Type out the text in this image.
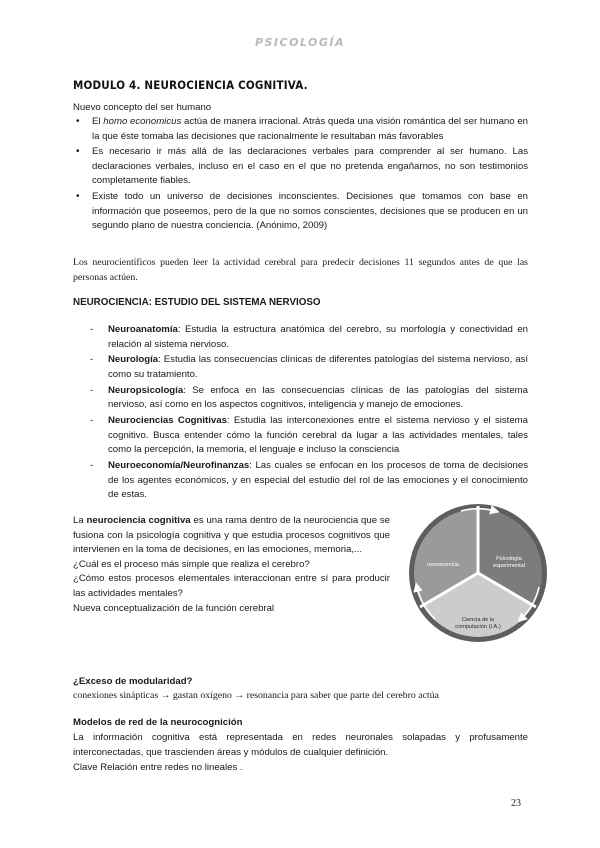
PSICOLOGÍA
MODULO 4. NEUROCIENCIA COGNITIVA.
Nuevo concepto del ser humano
• El homo economicus actúa de manera irracional. Atrás queda una visión romántica del ser humano en la que éste tomaba las decisiones que racionalmente le resultaban más favorables
• Es necesario ir más allá de las declaraciones verbales para comprender al ser humano. Las declaraciones verbales, incluso en el caso en el que no pretenda engañarnos, no son testimonios completamente fiables.
• Existe todo un universo de decisiones inconscientes. Decisiones que tomamos con base en información que poseemos, pero de la que no somos conscientes, decisiones que se producen en un segundo plano de nuestra conciencia. (Anónimo, 2009)
Los neurocientíficos pueden leer la actividad cerebral para predecir decisiones 11 segundos antes de que las personas actúen.
NEUROCIENCIA: ESTUDIO DEL SISTEMA NERVIOSO
- Neuroanatomía: Estudia la estructura anatómica del cerebro, su morfología y conectividad en relación al sistema nervioso.
- Neurología: Estudia las consecuencias clínicas de diferentes patologías del sistema nervioso, así como su tratamiento.
- Neuropsicología: Se enfoca en las consecuencias clínicas de las patologías del sistema nervioso, así como en los aspectos cognitivos, inteligencia y manejo de emociones.
- Neurociencias Cognitivas: Estudia las interconexiones entre el sistema nervioso y el sistema cognitivo. Busca entender cómo la función cerebral da lugar a las actividades mentales, tales como la percepción, la memoria, el lenguaje e incluso la consciencia
- Neuroeconomía/Neurofinanzas: Las cuales se enfocan en los procesos de toma de decisiones de los agentes económicos, y en especial del estudio del rol de las emociones y el conocimiento de estas.
La neurociencia cognitiva es una rama dentro de la neurociencia que se fusiona con la psicología cognitiva y que estudia procesos cognitivos que intervienen en la toma de decisiones, en las emociones, memoria,...
¿Cuál es el proceso más simple que realiza el cerebro?
¿Cómo estos procesos elementales interaccionan entre sí para producir las actividades mentales?
Nueva conceptualización de la función cerebral
neurociencia
Psicología experimental
Ciencia de la computación (I.A.)
¿Exceso de modularidad?
conexiones sinápticas → gastan oxígeno → resonancia para saber que parte del cerebro actúa
Modelos de red de la neurocognición
La información cognitiva está representada en redes neuronales solapadas y profusamente interconectadas, que trascienden áreas y módulos de cualquier definición.
Clave Relación entre redes no lineales .
23
